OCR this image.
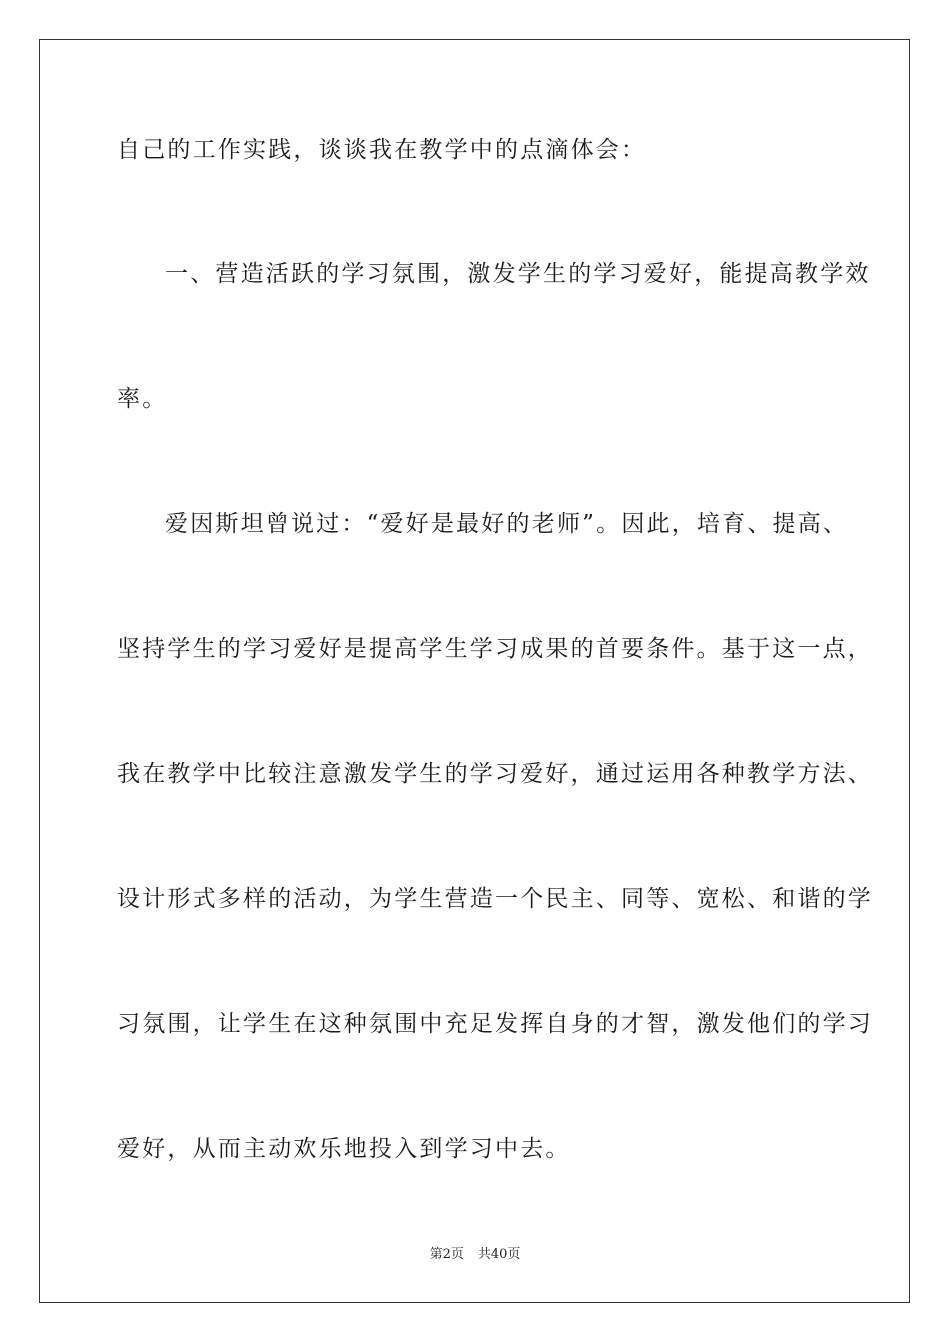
自己的工作实践，谈谈我在教学中的点滴体会：
一、营造活跃的学习氛围，激发学生的学习爱好，能提高教学效
率。
爱因斯坦曾说过：“爱好是最好的老师”。因此，培育、提高、
坚持学生的学习爱好是提高学生学习成果的首要条件。基于这一点，
我在教学中比较注意激发学生的学习爱好，通过运用各种教学方法、
设计形式多样的活动，为学生营造一个民主、同等、宽松、和谐的学
习氛围，让学生在这种氛围中充足发挥自身的才智，激发他们的学习
爱好，从而主动欢乐地投入到学习中去。
第2页 共40页
